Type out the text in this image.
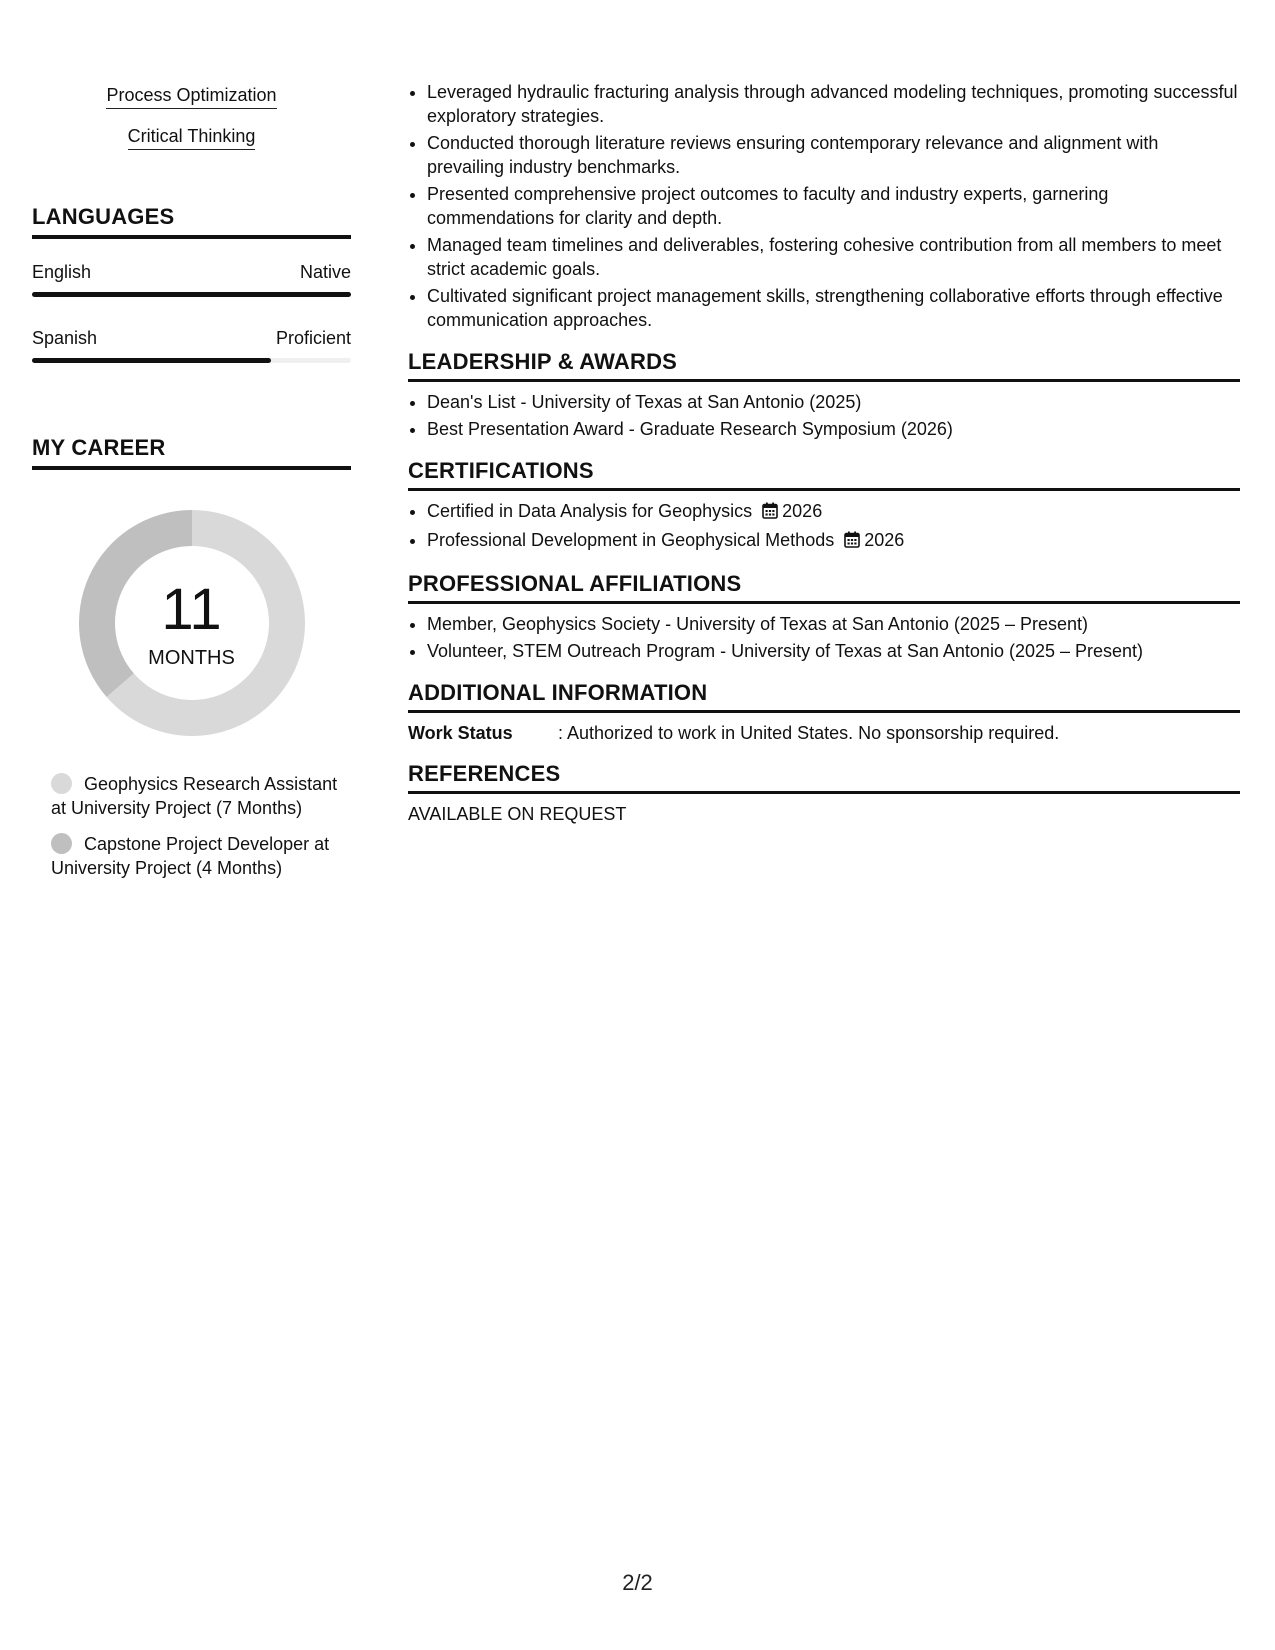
Process Optimization
Critical Thinking
LANGUAGES
English	Native
Spanish	Proficient
MY CAREER
11
MONTHS
Geophysics Research Assistant at University Project (7 Months)
Capstone Project Developer at University Project (4 Months)
• Leveraged hydraulic fracturing analysis through advanced modeling techniques, promoting successful exploratory strategies.
• Conducted thorough literature reviews ensuring contemporary relevance and alignment with prevailing industry benchmarks.
• Presented comprehensive project outcomes to faculty and industry experts, garnering commendations for clarity and depth.
• Managed team timelines and deliverables, fostering cohesive contribution from all members to meet strict academic goals.
• Cultivated significant project management skills, strengthening collaborative efforts through effective communication approaches.
LEADERSHIP & AWARDS
• Dean's List - University of Texas at San Antonio (2025)
• Best Presentation Award - Graduate Research Symposium (2026)
CERTIFICATIONS
• Certified in Data Analysis for Geophysics 2026
• Professional Development in Geophysical Methods 2026
PROFESSIONAL AFFILIATIONS
• Member, Geophysics Society - University of Texas at San Antonio (2025 – Present)
• Volunteer, STEM Outreach Program - University of Texas at San Antonio (2025 – Present)
ADDITIONAL INFORMATION
Work Status	: Authorized to work in United States. No sponsorship required.
REFERENCES
AVAILABLE ON REQUEST
2/2
